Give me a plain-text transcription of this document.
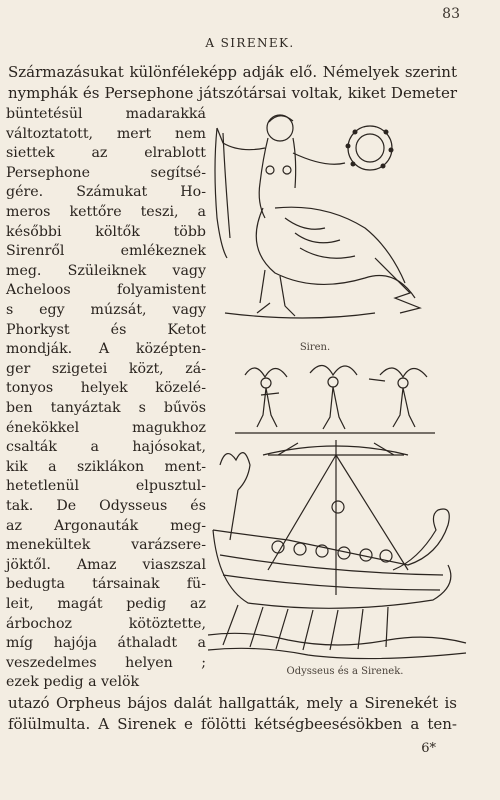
83
A SIRENEK.
Származásukat különféleképp adják elő. Némelyek szerint
nymphák és Persephone játszótársai voltak, kiket Demeter
büntetésül madarakká
változtatott, mert nem
siettek az elrablott
Persephone segítsé-
gére. Számukat Ho-
meros kettőre teszi, a
későbbi költők több
Sirenről emlékeznek
meg. Szüleiknek vagy
Acheloos folyamistent
s egy múzsát, vagy
Phorkyst és Ketot
mondják. A középten-
ger szigetei közt, zá-
tonyos helyek közelé-
ben tanyáztak s bűvös
énekökkel magukhoz
csalták a hajósokat,
kik a sziklákon ment-
hetetlenül elpusztul-
tak. De Odysseus és
az Argonauták meg-
menekültek varázsere-
jöktől. Amaz viaszszal
bedugta társainak fü-
leit, magát pedig az
árbochoz kötöztette,
míg hajója áthaladt a
veszedelmes helyen ;
ezek pedig a velök
utazó Orpheus bájos dalát hallgatták, mely a Sirenekét is
fölülmulta. A Sirenek e fölötti kétségbeesésökben a ten-
Siren.
Odysseus és a Sirenek.
6*
